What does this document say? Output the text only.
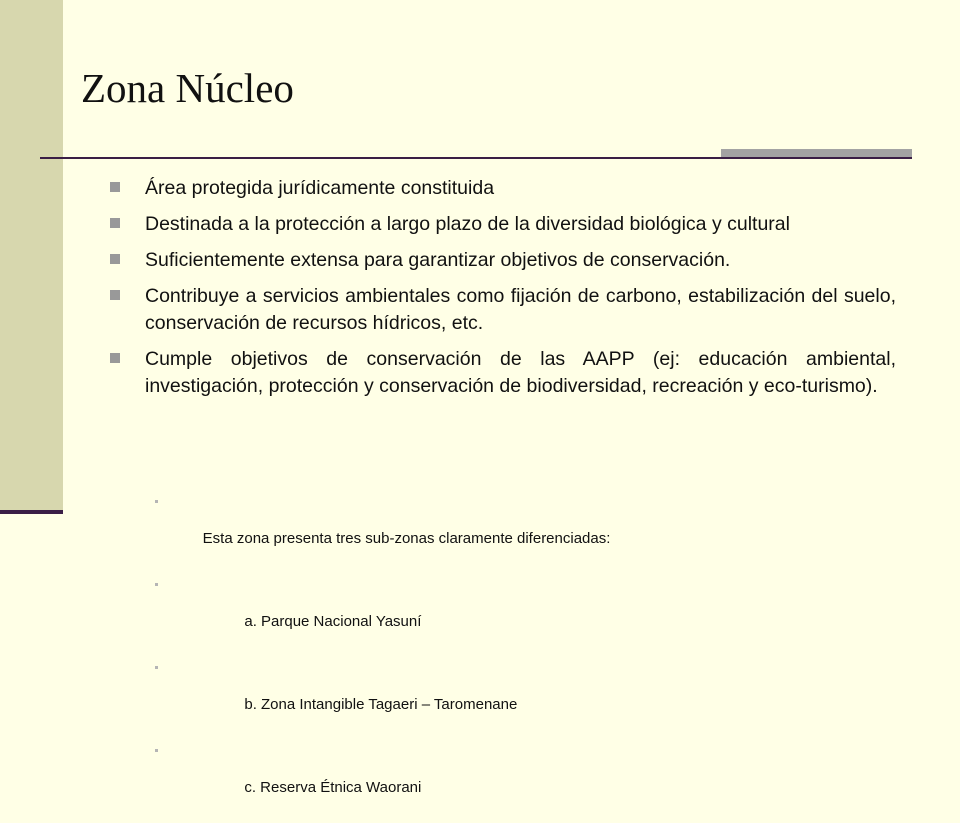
Zona Núcleo
Área protegida jurídicamente constituida
Destinada a la protección a largo plazo de la diversidad biológica y cultural
Suficientemente extensa para garantizar objetivos de conservación.
Contribuye a servicios ambientales como fijación de carbono, estabilización del suelo, conservación de recursos hídricos, etc.
Cumple objetivos de conservación de las AAPP (ej: educación ambiental, investigación, protección y conservación de biodiversidad, recreación y eco-turismo).

Esta zona presenta tres sub-zonas claramente diferenciadas:

a. Parque Nacional Yasuní

b. Zona Intangible Tagaeri – Taromenane

c. Reserva Étnica Waorani
